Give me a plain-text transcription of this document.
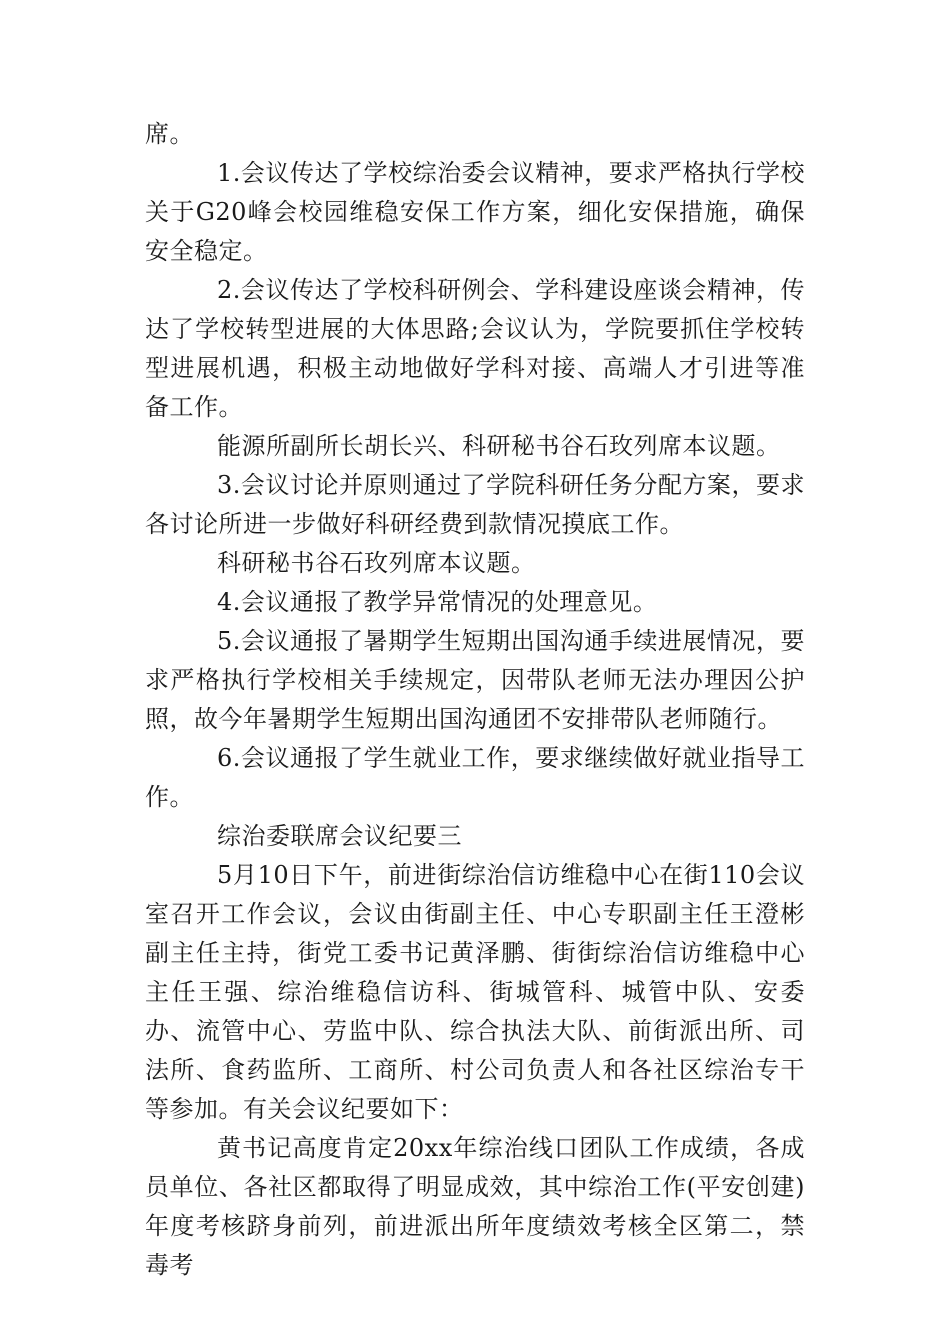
席。

1.会议传达了学校综治委会议精神，要求严格执行学校关于G20峰会校园维稳安保工作方案，细化安保措施，确保安全稳定。

2.会议传达了学校科研例会、学科建设座谈会精神，传达了学校转型进展的大体思路;会议认为，学院要抓住学校转型进展机遇，积极主动地做好学科对接、高端人才引进等准备工作。

能源所副所长胡长兴、科研秘书谷石玫列席本议题。

3.会议讨论并原则通过了学院科研任务分配方案，要求各讨论所进一步做好科研经费到款情况摸底工作。

科研秘书谷石玫列席本议题。

4.会议通报了教学异常情况的处理意见。

5.会议通报了暑期学生短期出国沟通手续进展情况，要求严格执行学校相关手续规定，因带队老师无法办理因公护照，故今年暑期学生短期出国沟通团不安排带队老师随行。

6.会议通报了学生就业工作，要求继续做好就业指导工作。

综治委联席会议纪要三

5月10日下午，前进街综治信访维稳中心在街110会议室召开工作会议，会议由街副主任、中心专职副主任王澄彬副主任主持，街党工委书记黄泽鹏、街街综治信访维稳中心主任王强、综治维稳信访科、街城管科、城管中队、安委办、流管中心、劳监中队、综合执法大队、前街派出所、司法所、食药监所、工商所、村公司负责人和各社区综治专干等参加。有关会议纪要如下：

黄书记高度肯定20xx年综治线口团队工作成绩，各成员单位、各社区都取得了明显成效，其中综治工作(平安创建)年度考核跻身前列，前进派出所年度绩效考核全区第二，禁毒考
